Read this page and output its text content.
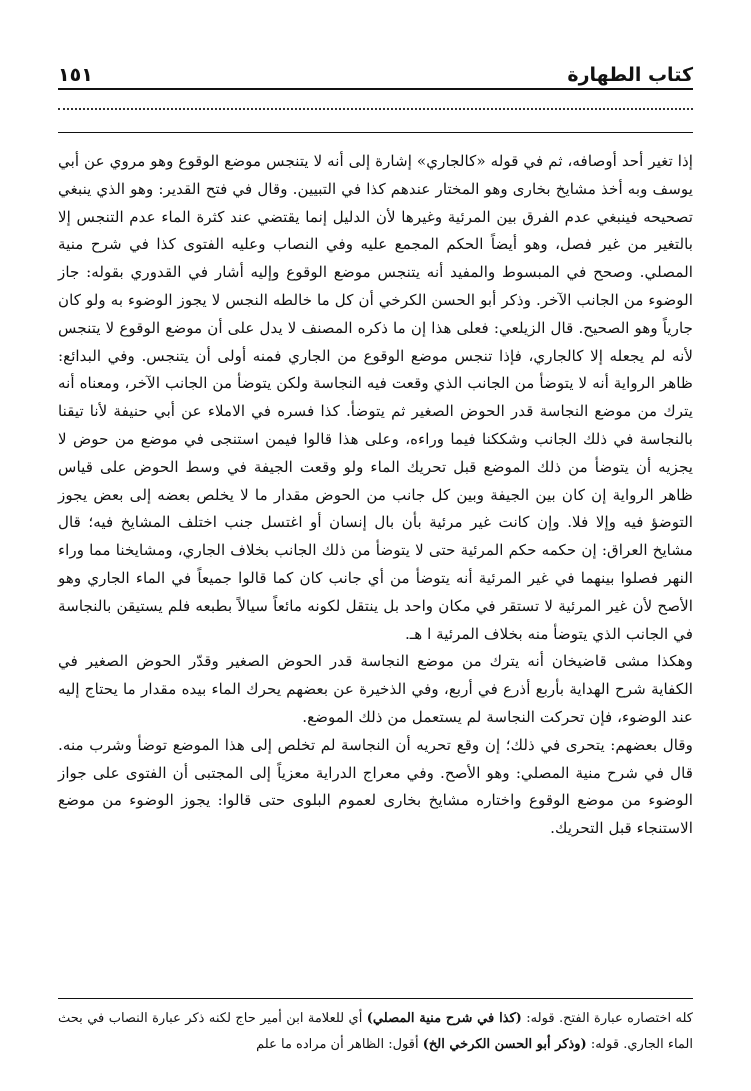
كتاب الطهارة
١٥١

إذا تغير أحد أوصافه، ثم في قوله «كالجاري» إشارة إلى أنه لا يتنجس موضع الوقوع وهو مروي عن أبي يوسف وبه أخذ مشايخ بخارى وهو المختار عندهم كذا في التبيين. وقال في فتح القدير: وهو الذي ينبغي تصحيحه فينبغي عدم الفرق بين المرئية وغيرها لأن الدليل إنما يقتضي عند كثرة الماء عدم التنجس إلا بالتغير من غير فصل، وهو أيضاً الحكم المجمع عليه وفي النصاب وعليه الفتوى كذا في شرح منية المصلي. وصحح في المبسوط والمفيد أنه يتنجس موضع الوقوع وإليه أشار في القدوري بقوله: جاز الوضوء من الجانب الآخر. وذكر أبو الحسن الكرخي أن كل ما خالطه النجس لا يجوز الوضوء به ولو كان جارياً وهو الصحيح. قال الزيلعي: فعلى هذا إن ما ذكره المصنف لا يدل على أن موضع الوقوع لا يتنجس لأنه لم يجعله إلا كالجاري، فإذا تنجس موضع الوقوع من الجاري فمنه أولى أن يتنجس. وفي البدائع: ظاهر الرواية أنه لا يتوضأ من الجانب الذي وقعت فيه النجاسة ولكن يتوضأ من الجانب الآخر، ومعناه أنه يترك من موضع النجاسة قدر الحوض الصغير ثم يتوضأ. كذا فسره في الاملاء عن أبي حنيفة لأنا تيقنا بالنجاسة في ذلك الجانب وشككنا فيما وراءه، وعلى هذا قالوا فيمن استنجى في موضع من حوض لا يجزيه أن يتوضأ من ذلك الموضع قبل تحريك الماء ولو وقعت الجيفة في وسط الحوض على قياس ظاهر الرواية إن كان بين الجيفة وبين كل جانب من الحوض مقدار ما لا يخلص بعضه إلى بعض يجوز التوضؤ فيه وإلا فلا. وإن كانت غير مرئية بأن بال إنسان أو اغتسل جنب اختلف المشايخ فيه؛ قال مشايخ العراق: إن حكمه حكم المرئية حتى لا يتوضأ من ذلك الجانب بخلاف الجاري، ومشايخنا مما وراء النهر فصلوا بينهما في غير المرئية أنه يتوضأ من أي جانب كان كما قالوا جميعاً في الماء الجاري وهو الأصح لأن غير المرئية لا تستقر في مكان واحد بل ينتقل لكونه مائعاً سيالاً بطبعه فلم يستيقن بالنجاسة في الجانب الذي يتوضأ منه بخلاف المرئية ا هـ.

وهكذا مشى قاضيخان أنه يترك من موضع النجاسة قدر الحوض الصغير وقدّر الحوض الصغير في الكفاية شرح الهداية بأربع أذرع في أربع، وفي الذخيرة عن بعضهم يحرك الماء بيده مقدار ما يحتاج إليه عند الوضوء، فإن تحركت النجاسة لم يستعمل من ذلك الموضع.

وقال بعضهم: يتحرى في ذلك؛ إن وقع تحريه أن النجاسة لم تخلص إلى هذا الموضع توضأ وشرب منه. قال في شرح منية المصلي: وهو الأصح. وفي معراج الدراية معزياً إلى المجتبى أن الفتوى على جواز الوضوء من موضع الوقوع واختاره مشايخ بخارى لعموم البلوى حتى قالوا: يجوز الوضوء من موضع الاستنجاء قبل التحريك.

كله اختصاره عبارة الفتح. قوله: (كذا في شرح منية المصلي) أي للعلامة ابن أمير حاج لكنه ذكر عبارة النصاب في بحث الماء الجاري. قوله: (وذكر أبو الحسن الكرخي الخ) أقول: الظاهر أن مراده ما علم
